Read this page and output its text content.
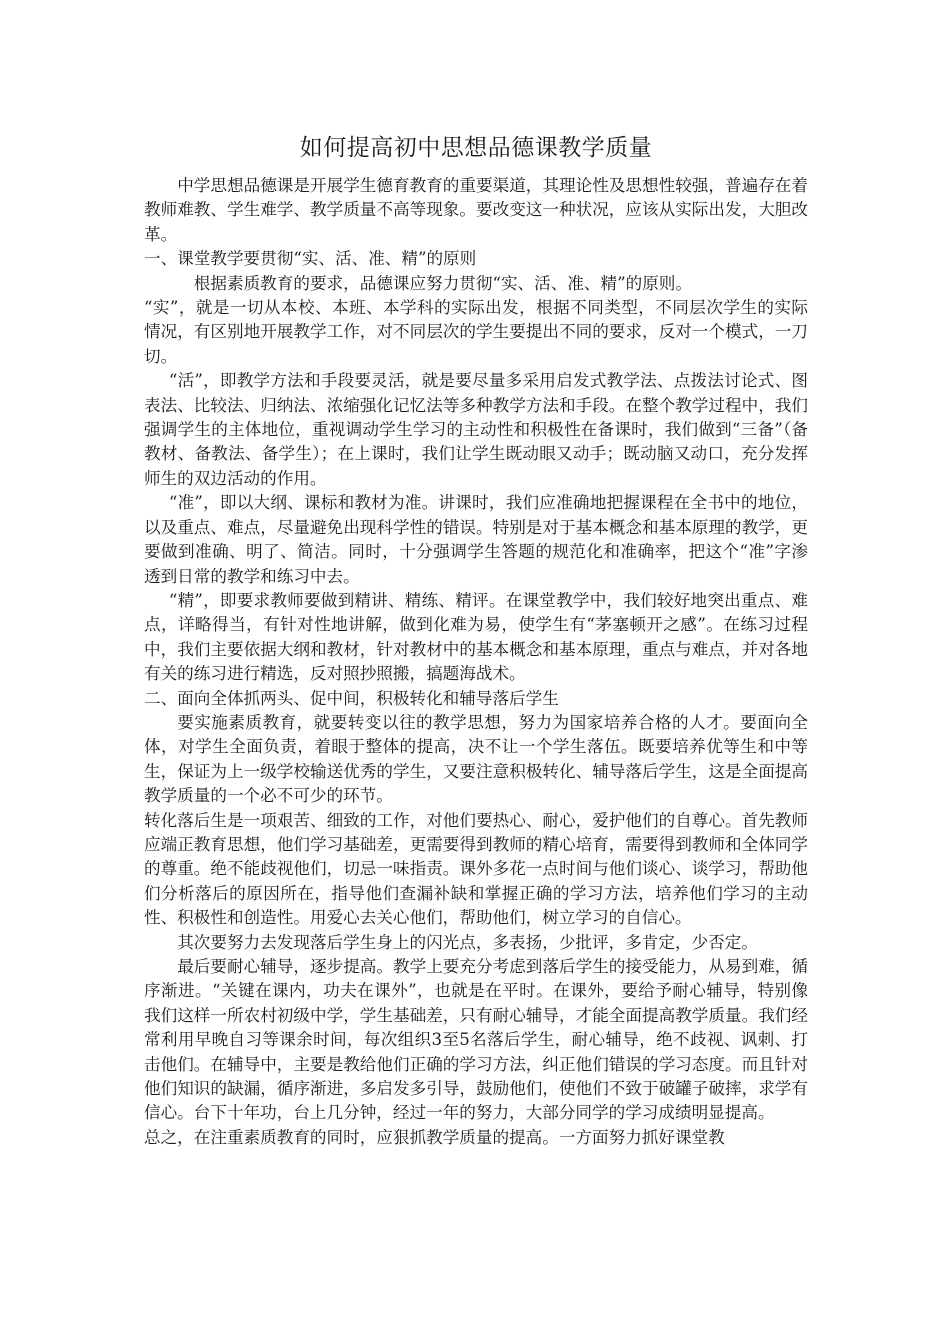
如何提高初中思想品德课教学质量

中学思想品德课是开展学生德育教育的重要渠道，其理论性及思想性较强，普遍存在着教师难教、学生难学、教学质量不高等现象。要改变这一种状况，应该从实际出发，大胆改革。

一、课堂教学要贯彻“实、活、准、精”的原则

根据素质教育的要求，品德课应努力贯彻“实、活、准、精”的原则。

“实”，就是一切从本校、本班、本学科的实际出发，根据不同类型，不同层次学生的实际情况，有区别地开展教学工作，对不同层次的学生要提出不同的要求，反对一个模式，一刀切。

“活”，即教学方法和手段要灵活，就是要尽量多采用启发式教学法、点拨法讨论式、图表法、比较法、归纳法、浓缩强化记忆法等多种教学方法和手段。在整个教学过程中，我们强调学生的主体地位，重视调动学生学习的主动性和积极性在备课时，我们做到“三备”（备教材、备教法、备学生）；在上课时，我们让学生既动眼又动手；既动脑又动口，充分发挥师生的双边活动的作用。

“准”，即以大纲、课标和教材为准。讲课时，我们应准确地把握课程在全书中的地位，以及重点、难点，尽量避免出现科学性的错误。特别是对于基本概念和基本原理的教学，更要做到准确、明了、简洁。同时，十分强调学生答题的规范化和准确率，把这个“准”字渗透到日常的教学和练习中去。

“精”，即要求教师要做到精讲、精练、精评。在课堂教学中，我们较好地突出重点、难点，详略得当，有针对性地讲解，做到化难为易，使学生有“茅塞顿开之感”。在练习过程中，我们主要依据大纲和教材，针对教材中的基本概念和基本原理，重点与难点，并对各地有关的练习进行精选，反对照抄照搬，搞题海战术。

二、面向全体抓两头、促中间，积极转化和辅导落后学生

要实施素质教育，就要转变以往的教学思想，努力为国家培养合格的人才。要面向全体，对学生全面负责，着眼于整体的提高，决不让一个学生落伍。既要培养优等生和中等生，保证为上一级学校输送优秀的学生，又要注意积极转化、辅导落后学生，这是全面提高教学质量的一个必不可少的环节。

转化落后生是一项艰苦、细致的工作，对他们要热心、耐心，爱护他们的自尊心。首先教师应端正教育思想，他们学习基础差，更需要得到教师的精心培育，需要得到教师和全体同学的尊重。绝不能歧视他们，切忌一味指责。课外多花一点时间与他们谈心、谈学习，帮助他们分析落后的原因所在，指导他们查漏补缺和掌握正确的学习方法，培养他们学习的主动性、积极性和创造性。用爱心去关心他们，帮助他们，树立学习的自信心。

其次要努力去发现落后学生身上的闪光点，多表扬，少批评，多肯定，少否定。

最后要耐心辅导，逐步提高。教学上要充分考虑到落后学生的接受能力，从易到难，循序渐进。“关键在课内，功夫在课外”，也就是在平时。在课外，要给予耐心辅导，特别像我们这样一所农村初级中学，学生基础差，只有耐心辅导，才能全面提高教学质量。我们经常利用早晚自习等课余时间，每次组织3至5名落后学生，耐心辅导，绝不歧视、讽刺、打击他们。在辅导中，主要是教给他们正确的学习方法，纠正他们错误的学习态度。而且针对他们知识的缺漏，循序渐进，多启发多引导，鼓励他们，使他们不致于破罐子破摔，求学有信心。台下十年功，台上几分钟，经过一年的努力，大部分同学的学习成绩明显提高。

总之，在注重素质教育的同时，应狠抓教学质量的提高。一方面努力抓好课堂教
